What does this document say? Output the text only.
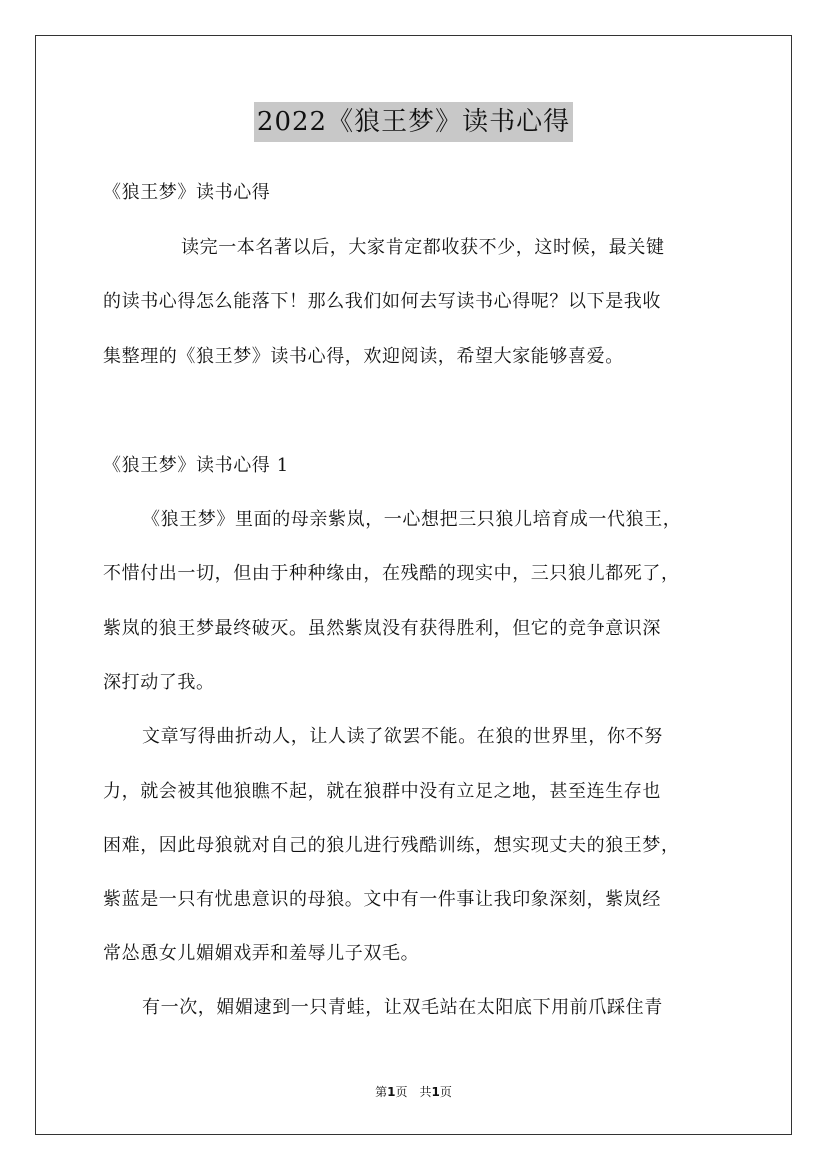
2022《狼王梦》读书心得
《狼王梦》读书心得
读完一本名著以后，大家肯定都收获不少，这时候，最关键
的读书心得怎么能落下！那么我们如何去写读书心得呢？以下是我收
集整理的《狼王梦》读书心得，欢迎阅读，希望大家能够喜爱。
《狼王梦》读书心得 1
《狼王梦》里面的母亲紫岚，一心想把三只狼儿培育成一代狼王，
不惜付出一切，但由于种种缘由，在残酷的现实中，三只狼儿都死了，
紫岚的狼王梦最终破灭。虽然紫岚没有获得胜利，但它的竞争意识深
深打动了我。
文章写得曲折动人，让人读了欲罢不能。在狼的世界里，你不努
力，就会被其他狼瞧不起，就在狼群中没有立足之地，甚至连生存也
困难，因此母狼就对自己的狼儿进行残酷训练，想实现丈夫的狼王梦，
紫蓝是一只有忧患意识的母狼。文中有一件事让我印象深刻，紫岚经
常怂恿女儿媚媚戏弄和羞辱儿子双毛。
有一次，媚媚逮到一只青蛙，让双毛站在太阳底下用前爪踩住青
第1页　共1页
